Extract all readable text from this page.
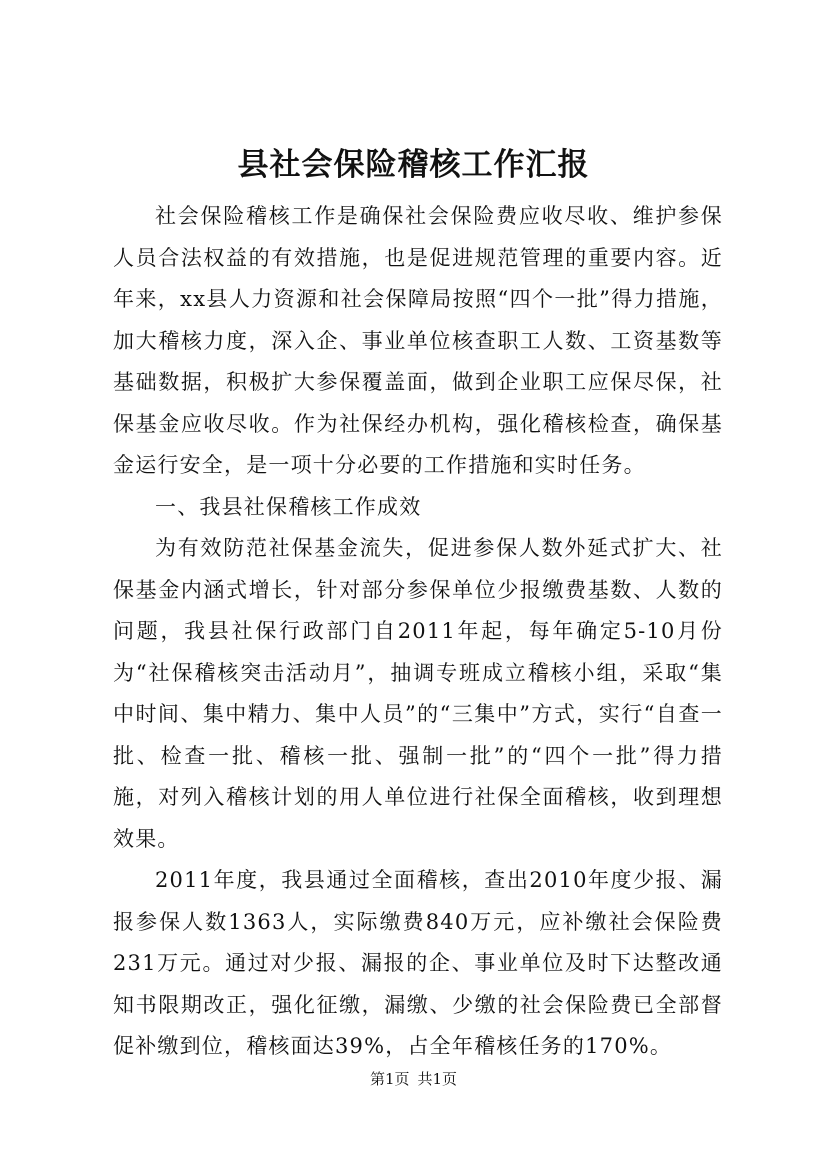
县社会保险稽核工作汇报

社会保险稽核工作是确保社会保险费应收尽收、维护参保人员合法权益的有效措施，也是促进规范管理的重要内容。近年来，xx县人力资源和社会保障局按照“四个一批”得力措施，加大稽核力度，深入企、事业单位核查职工人数、工资基数等基础数据，积极扩大参保覆盖面，做到企业职工应保尽保，社保基金应收尽收。作为社保经办机构，强化稽核检查，确保基金运行安全，是一项十分必要的工作措施和实时任务。

一、我县社保稽核工作成效

为有效防范社保基金流失，促进参保人数外延式扩大、社保基金内涵式增长，针对部分参保单位少报缴费基数、人数的问题，我县社保行政部门自2011年起，每年确定5-10月份为“社保稽核突击活动月”，抽调专班成立稽核小组，采取“集中时间、集中精力、集中人员”的“三集中”方式，实行“自查一批、检查一批、稽核一批、强制一批”的“四个一批”得力措施，对列入稽核计划的用人单位进行社保全面稽核，收到理想效果。

2011年度，我县通过全面稽核，查出2010年度少报、漏报参保人数1363人，实际缴费840万元，应补缴社会保险费231万元。通过对少报、漏报的企、事业单位及时下达整改通知书限期改正，强化征缴，漏缴、少缴的社会保险费已全部督促补缴到位，稽核面达39%，占全年稽核任务的170%。

第1页 共1页
